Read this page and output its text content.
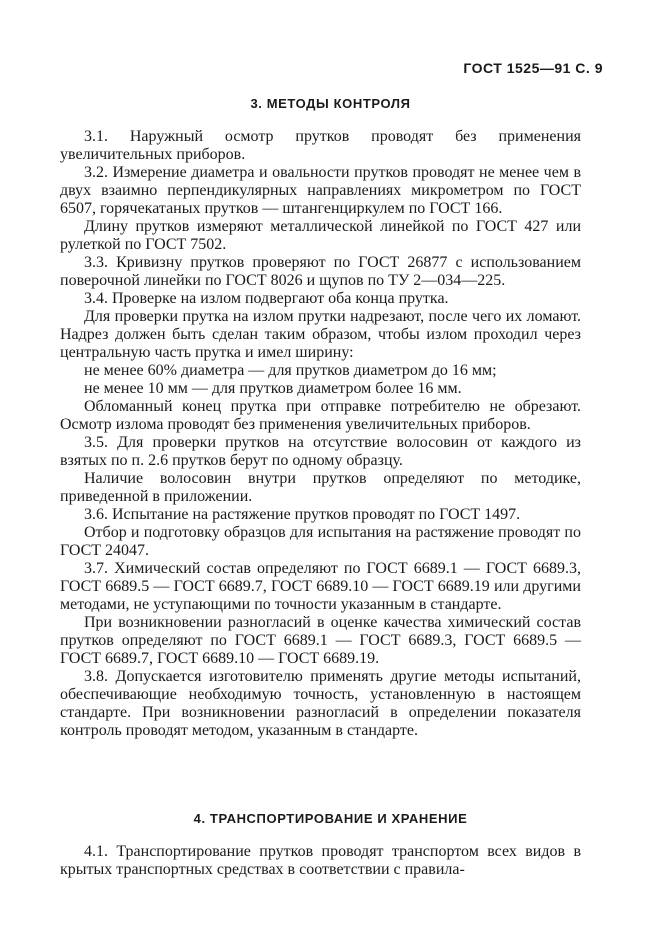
ГОСТ 1525—91 С. 9
3. МЕТОДЫ КОНТРОЛЯ

3.1. Наружный осмотр прутков проводят без применения увеличительных приборов.

3.2. Измерение диаметра и овальности прутков проводят не менее чем в двух взаимно перпендикулярных направлениях микрометром по ГОСТ 6507, горячекатаных прутков — штангенциркулем по ГОСТ 166.

Длину прутков измеряют металлической линейкой по ГОСТ 427 или рулеткой по ГОСТ 7502.

3.3. Кривизну прутков проверяют по ГОСТ 26877 с использованием поверочной линейки по ГОСТ 8026 и щупов по ТУ 2—034—225.

3.4. Проверке на излом подвергают оба конца прутка.

Для проверки прутка на излом прутки надрезают, после чего их ломают. Надрез должен быть сделан таким образом, чтобы излом проходил через центральную часть прутка и имел ширину:

не менее 60% диаметра — для прутков диаметром до 16 мм;

не менее 10 мм — для прутков диаметром более 16 мм.

Обломанный конец прутка при отправке потребителю не обрезают. Осмотр излома проводят без применения увеличительных приборов.

3.5. Для проверки прутков на отсутствие волосовин от каждого из взятых по п. 2.6 прутков берут по одному образцу.

Наличие волосовин внутри прутков определяют по методике, приведенной в приложении.

3.6. Испытание на растяжение прутков проводят по ГОСТ 1497.

Отбор и подготовку образцов для испытания на растяжение проводят по ГОСТ 24047.

3.7. Химический состав определяют по ГОСТ 6689.1 — ГОСТ 6689.3, ГОСТ 6689.5 — ГОСТ 6689.7, ГОСТ 6689.10 — ГОСТ 6689.19 или другими методами, не уступающими по точности указанным в стандарте.

При возникновении разногласий в оценке качества химический состав прутков определяют по ГОСТ 6689.1 — ГОСТ 6689.3, ГОСТ 6689.5 — ГОСТ 6689.7, ГОСТ 6689.10 — ГОСТ 6689.19.

3.8. Допускается изготовителю применять другие методы испытаний, обеспечивающие необходимую точность, установленную в настоящем стандарте. При возникновении разногласий в определении показателя контроль проводят методом, указанным в стандарте.

4. ТРАНСПОРТИРОВАНИЕ И ХРАНЕНИЕ

4.1. Транспортирование прутков проводят транспортом всех видов в крытых транспортных средствах в соответствии с правила-
